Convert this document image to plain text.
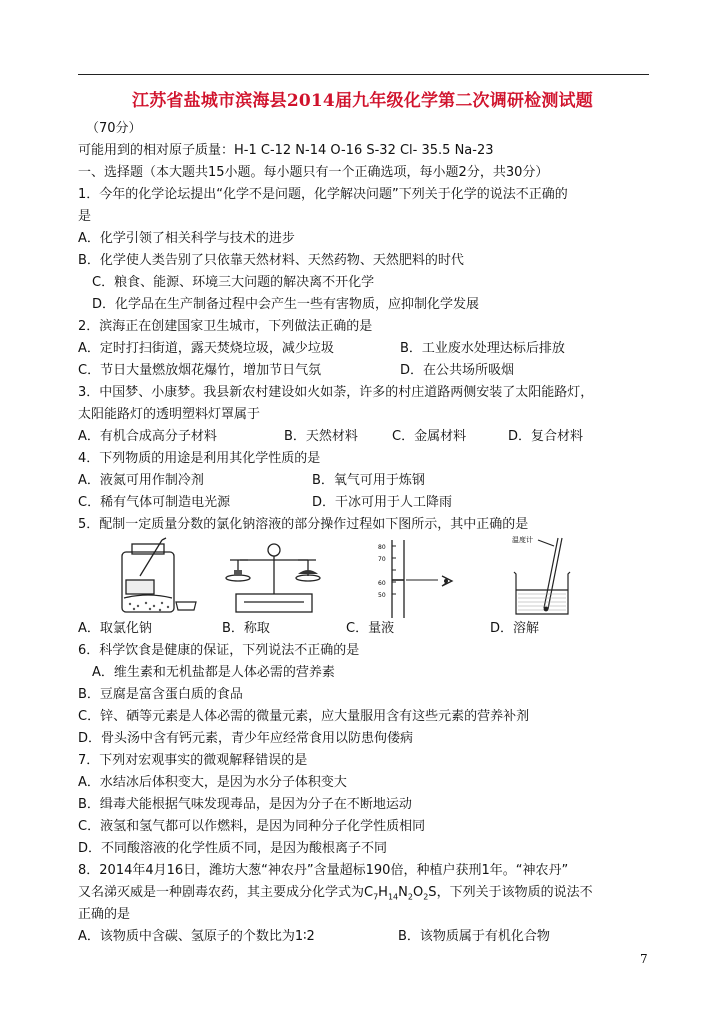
江苏省盐城市滨海县2014届九年级化学第二次调研检测试题
（70分）
可能用到的相对原子质量：H-1 C-12 N-14 O-16 S-32 Cl- 35.5 Na-23
一、选择题（本大题共15小题。每小题只有一个正确选项，每小题2分，共30分）
1．今年的化学论坛提出“化学不是问题，化学解决问题”下列关于化学的说法不正确的
是
A．化学引领了相关科学与技术的进步
B．化学使人类告别了只依靠天然材料、天然药物、天然肥料的时代
C．粮食、能源、环境三大问题的解决离不开化学
D．化学品在生产制备过程中会产生一些有害物质，应抑制化学发展
2．滨海正在创建国家卫生城市，下列做法正确的是
A．定时打扫街道，露天焚烧垃圾，减少垃圾	B．工业废水处理达标后排放
C．节日大量燃放烟花爆竹，增加节日气氛	D．在公共场所吸烟
3．中国梦、小康梦。我县新农村建设如火如荼，许多的村庄道路两侧安装了太阳能路灯，
太阳能路灯的透明塑料灯罩属于
A．有机合成高分子材料	B．天然材料	C．金属材料	D．复合材料
4．下列物质的用途是利用其化学性质的是
A．液氮可用作制冷剂	B．氧气可用于炼钢
C．稀有气体可制造电光源	D．干冰可用于人工降雨
5．配制一定质量分数的氯化钠溶液的部分操作过程如下图所示，其中正确的是
80
70
60
50
温度计
A．取氯化钠	B．称取	C．量液	D．溶解
6．科学饮食是健康的保证，下列说法不正确的是
A．维生素和无机盐都是人体必需的营养素
B．豆腐是富含蛋白质的食品
C．锌、硒等元素是人体必需的微量元素，应大量服用含有这些元素的营养补剂
D．骨头汤中含有钙元素，青少年应经常食用以防患佝偻病
7．下列对宏观事实的微观解释错误的是
A．水结冰后体积变大，是因为水分子体积变大
B．缉毒犬能根据气味发现毒品，是因为分子在不断地运动
C．液氢和氢气都可以作燃料，是因为同种分子化学性质相同
D．不同酸溶液的化学性质不同，是因为酸根离子不同
8．2014年4月16日，潍坊大葱“神农丹”含量超标190倍，种植户获刑1年。“神农丹”
又名涕灭威是一种剧毒农药，其主要成分化学式为$C_7H_{14}N_2O_2S$，下列关于该物质的说法不
正确的是
A．该物质中含碳、氢原子的个数比为1∶2	B．该物质属于有机化合物
7
